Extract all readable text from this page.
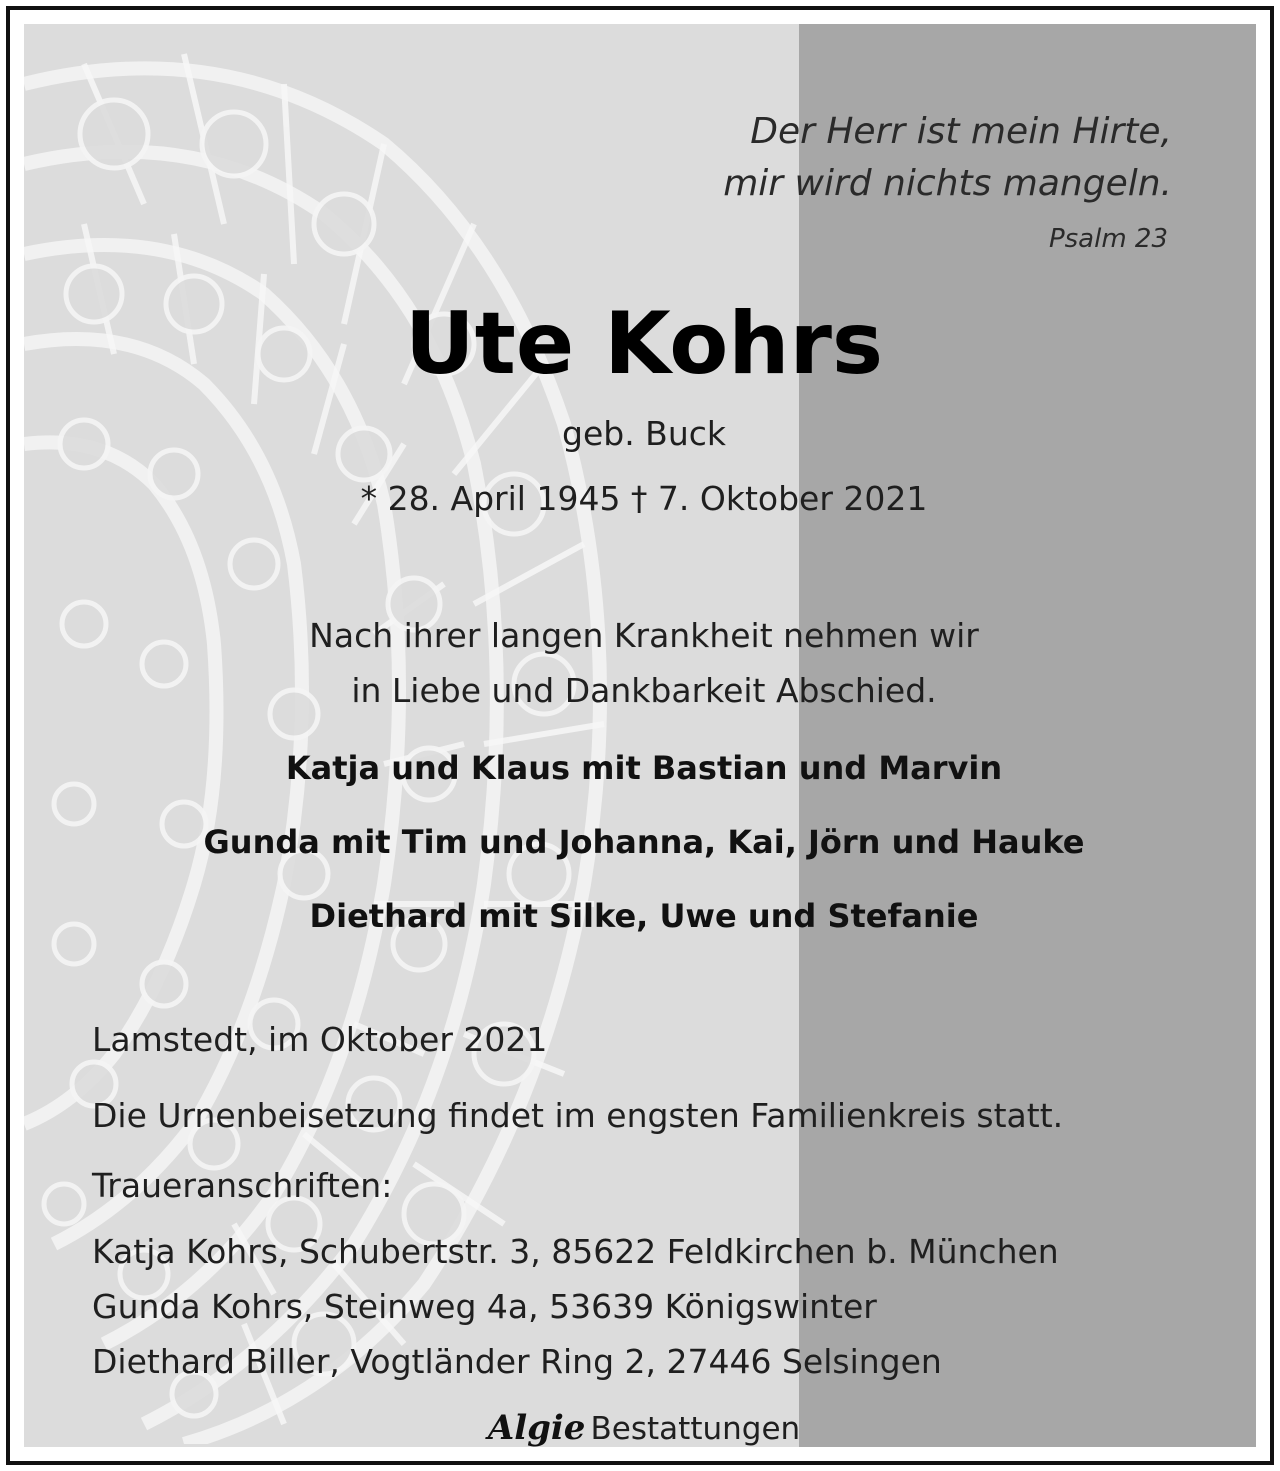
Der Herr ist mein Hirte,
mir wird nichts mangeln.
Psalm 23
Ute Kohrs
geb. Buck
* 28. April 1945 † 7. Oktober 2021
Nach ihrer langen Krankheit nehmen wir
in Liebe und Dankbarkeit Abschied.
Katja und Klaus mit Bastian und Marvin
Gunda mit Tim und Johanna, Kai, Jörn und Hauke
Diethard mit Silke, Uwe und Stefanie
Lamstedt, im Oktober 2021
Die Urnenbeisetzung findet im engsten Familienkreis statt.
Traueranschriften:
Katja Kohrs, Schubertstr. 3, 85622 Feldkirchen b. München
Gunda Kohrs, Steinweg 4a, 53639 Königswinter
Diethard Biller, Vogtländer Ring 2, 27446 Selsingen
Algie Bestattungen
